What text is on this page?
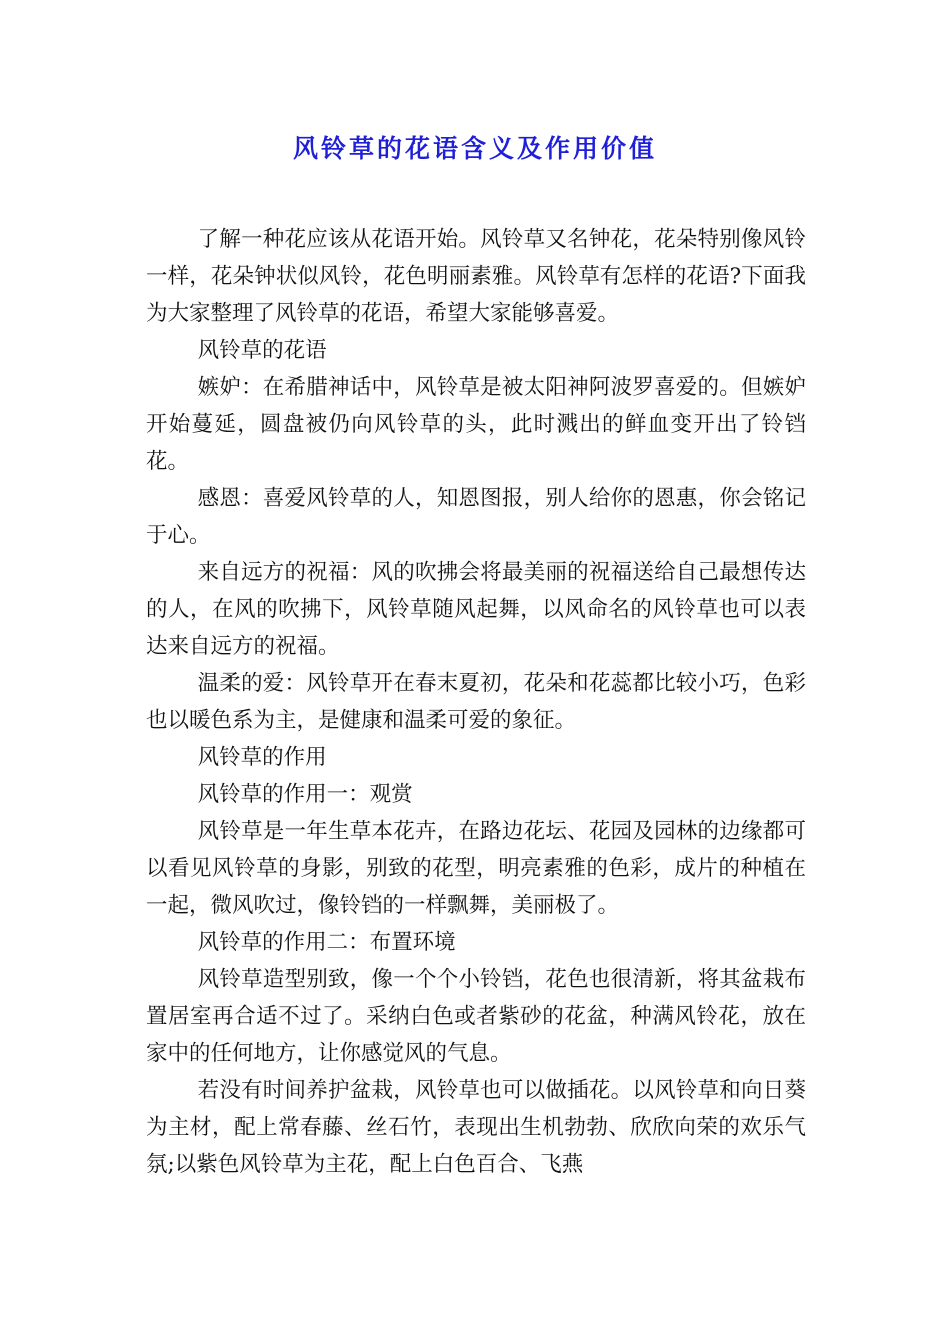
风铃草的花语含义及作用价值

了解一种花应该从花语开始。风铃草又名钟花，花朵特别像风铃一样，花朵钟状似风铃，花色明丽素雅。风铃草有怎样的花语?下面我为大家整理了风铃草的花语，希望大家能够喜爱。

风铃草的花语

嫉妒：在希腊神话中，风铃草是被太阳神阿波罗喜爱的。但嫉妒开始蔓延，圆盘被仍向风铃草的头，此时溅出的鲜血变开出了铃铛花。

感恩：喜爱风铃草的人，知恩图报，别人给你的恩惠，你会铭记于心。

来自远方的祝福：风的吹拂会将最美丽的祝福送给自己最想传达的人，在风的吹拂下，风铃草随风起舞，以风命名的风铃草也可以表达来自远方的祝福。

温柔的爱：风铃草开在春末夏初，花朵和花蕊都比较小巧，色彩也以暖色系为主，是健康和温柔可爱的象征。

风铃草的作用

风铃草的作用一：观赏

风铃草是一年生草本花卉，在路边花坛、花园及园林的边缘都可以看见风铃草的身影，别致的花型，明亮素雅的色彩，成片的种植在一起，微风吹过，像铃铛的一样飘舞，美丽极了。

风铃草的作用二：布置环境

风铃草造型别致，像一个个小铃铛，花色也很清新，将其盆栽布置居室再合适不过了。采纳白色或者紫砂的花盆，种满风铃花，放在家中的任何地方，让你感觉风的气息。

若没有时间养护盆栽，风铃草也可以做插花。以风铃草和向日葵为主材，配上常春藤、丝石竹，表现出生机勃勃、欣欣向荣的欢乐气氛;以紫色风铃草为主花，配上白色百合、飞燕
